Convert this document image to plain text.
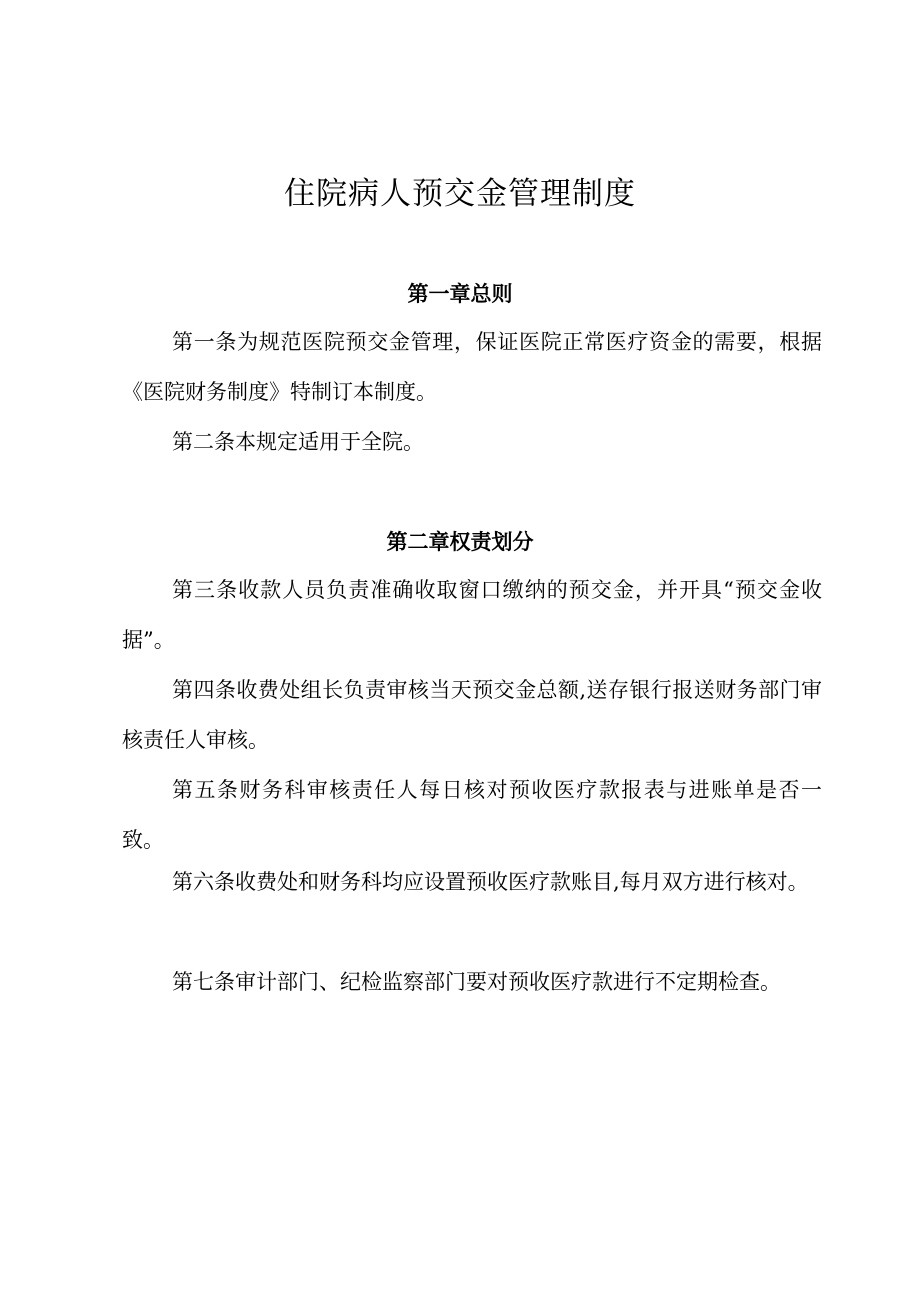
住院病人预交金管理制度
第一章总则

第一条为规范医院预交金管理，保证医院正常医疗资金的需要，根据《医院财务制度》特制订本制度。

第二条本规定适用于全院。

第二章权责划分

第三条收款人员负责准确收取窗口缴纳的预交金，并开具“预交金收据”。

第四条收费处组长负责审核当天预交金总额,送存银行报送财务部门审核责任人审核。

第五条财务科审核责任人每日核对预收医疗款报表与进账单是否一致。

第六条收费处和财务科均应设置预收医疗款账目,每月双方进行核对。

第七条审计部门、纪检监察部门要对预收医疗款进行不定期检查。
